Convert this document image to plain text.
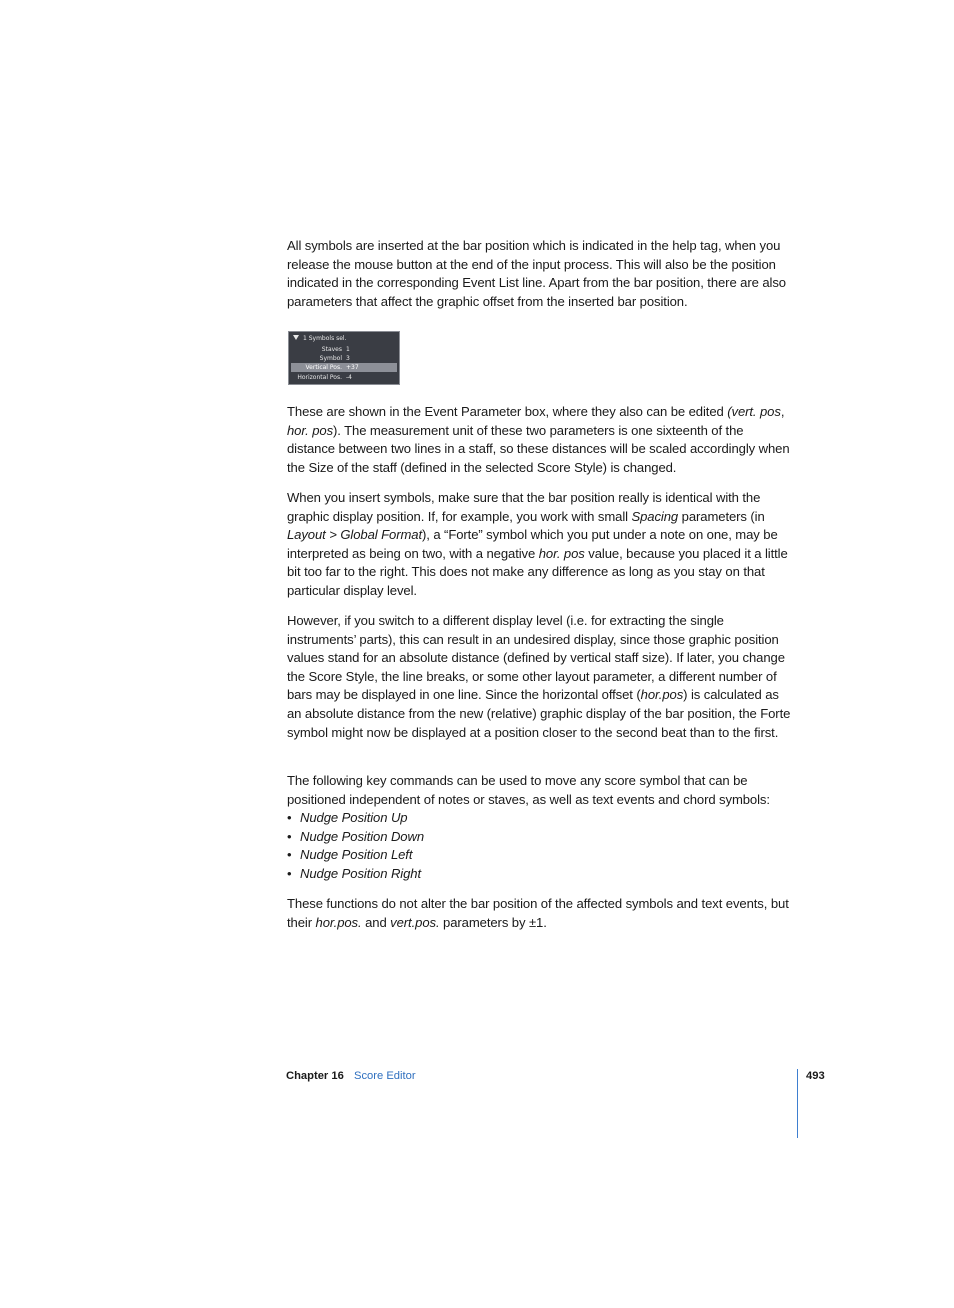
All symbols are inserted at the bar position which is indicated in the help tag, when you release the mouse button at the end of the input process. This will also be the position indicated in the corresponding Event List line. Apart from the bar position, there are also parameters that affect the graphic offset from the inserted bar position.

1 Symbols sel.
Staves 1
Symbol 3
Vertical Pos. +37
Horizontal Pos. -4

These are shown in the Event Parameter box, where they also can be edited (vert. pos, hor. pos). The measurement unit of these two parameters is one sixteenth of the distance between two lines in a staff, so these distances will be scaled accordingly when the Size of the staff (defined in the selected Score Style) is changed.

When you insert symbols, make sure that the bar position really is identical with the graphic display position. If, for example, you work with small Spacing parameters (in Layout > Global Format), a “Forte” symbol which you put under a note on one, may be interpreted as being on two, with a negative hor. pos value, because you placed it a little bit too far to the right. This does not make any difference as long as you stay on that particular display level.

However, if you switch to a different display level (i.e. for extracting the single instruments’ parts), this can result in an undesired display, since those graphic position values stand for an absolute distance (defined by vertical staff size). If later, you change the Score Style, the line breaks, or some other layout parameter, a different number of bars may be displayed in one line. Since the horizontal offset (hor.pos) is calculated as an absolute distance from the new (relative) graphic display of the bar position, the Forte symbol might now be displayed at a position closer to the second beat than to the first.

The following key commands can be used to move any score symbol that can be positioned independent of notes or staves, as well as text events and chord symbols:

• Nudge Position Up
• Nudge Position Down
• Nudge Position Left
• Nudge Position Right

These functions do not alter the bar position of the affected symbols and text events, but their hor.pos. and vert.pos. parameters by ±1.

Chapter 16 Score Editor	493
